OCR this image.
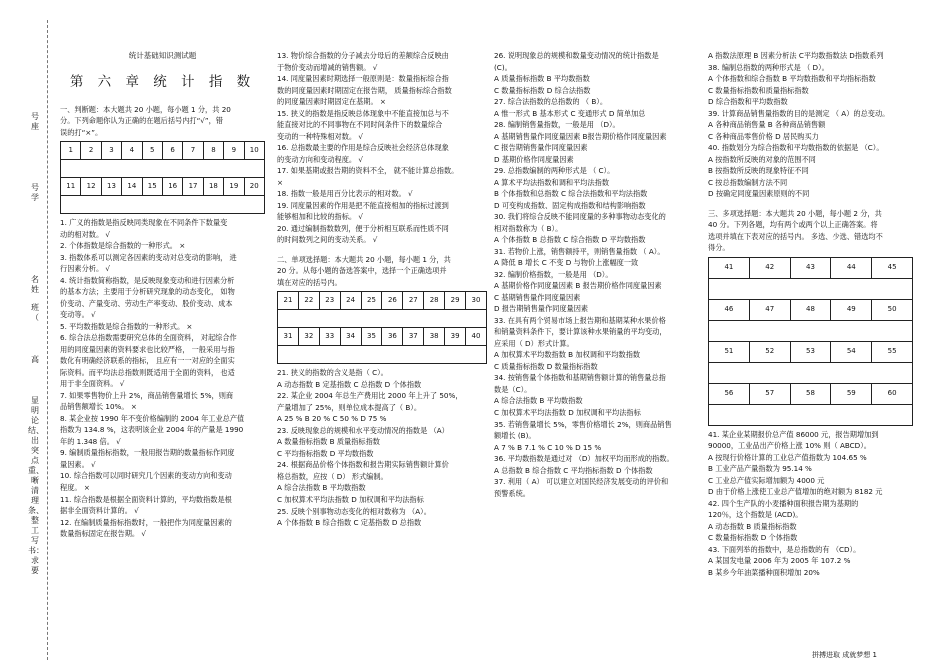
号座
号学
名姓
班（
高
显明论结、出突点重、晰清理条、整工写书：求要

统计基础知识测试题

第 六 章 统 计 指 数

一、判断题：本大题共 20 小题，每小题 1 分，共 20

分。下列命题你认为正确的在题后括号内打“√”，错

误的打“×”。

1	2	3	4	5	6	7	8	9	10

11	12	13	14	15	16	17	18	19	20

1. 广义的指数是指反映同类现象在不同条件下数量变

动的相对数。 √

2. 个体指数是综合指数的一种形式。 ×

3. 指数体系可以测定各因素的变动对总变动的影响， 进

行因素分析。 √

4. 统计指数简称指数，是反映现象变动和进行因素分析

的基本方法；主要用于分析研究现象的动态变化， 如物

价变动、产量变动、劳动生产率变动、股价变动、成本

变动等。 √

5. 平均数指数是综合指数的一种形式。 ×

6. 综合法总指数需要研究总体的全面资料， 对起综合作

用的同度量因素的资料要求也比较严格， 一般采用与指

数化有明确经济联系的指标， 且应有一一对应的全面实

际资料。而平均法总指数则既适用于全面的资料， 也适

用于非全面资料。 √

7. 如果零售物价上升 2%，商品销售量增长 5%，则商

品销售额增长 10%。 ×

8. 某企业按 1990 年不变价格编制的 2004 年工业总产值

指数为 134.8 %，这表明该企业 2004 年的产量是 1990

年的 1.348 倍。 √

9. 编制质量指标指数，一般用报告期的数量指标作同度

量因素。 √

10. 综合指数可以同时研究几个因素的变动方向和变动

程度。 ×

11. 综合指数是根据全面资料计算的，平均数指数是根

据非全面资料计算的。 √

12. 在编制质量指标指数时，一般把作为同度量因素的

数量指标固定在报告期。 √

13. 物价综合指数的分子减去分母后的差额综合反映由

于物价变动而增减的销售额。 √

14. 同度量因素时期选择一般原则是：数量指标综合指

数的同度量因素时期固定在报告期， 质量指标综合指数

的同度量因素时期固定在基期。 ×

15. 狭义的指数是指反映总体现象中不能直接加总与不

能直接对比的不同事物在不同时间条件下的数量综合

变动的一种特殊相对数。 √

16. 总指数最主要的作用是综合反映社会经济总体现象

的变动方向和变动程度。 √

17. 如果基期或报告期的资料不全， 就不能计算总指数。

×

18. 指数一般是用百分比表示的相对数。 √

19. 同度量因素的作用是把不能直接相加的指标过渡到

能够相加和比较的指标。 √

20. 通过编制指数数列，便于分析相互联系而性质不同

的时间数列之间的变动关系。 √

二、单项选择题：本大题共 20 小题，每小题 1 分，共

20 分。从每小题的备选答案中，选择一个正确选项并

填在对应的括号内。

21	22	23	24	25	26	27	28	29	30

31	32	33	34	35	36	37	38	39	40

21. 狭义的指数的含义是指（ C）。

A 动态指数 B 定基指数 C 总指数 D 个体指数

22. 某企业 2004 年总生产费用比 2000 年上升了 50%，

产量增加了 25%，则单位成本提高了（ B）。

A 25 % B 20 % C 50 % D 75 %

23. 反映现象总的规模和水平变动情况的指数是 （A）

A 数量指标指数 B 质量指标指数

C 平均指标指数 D 平均数指数

24. 根据商品价格个体指数和报告期实际销售额计算价

格总指数，应按（ D） 形式编制。

A 综合法指数 B 平均数指数

C 加权算术平均法指数 D 加权调和平均法指标

25. 反映个别事物动态变化的相对数称为 （A）。

A 个体指数 B 综合指数 C 定基指数 D 总指数

26. 说明现象总的规模和数量变动情况的统计指数是

(C)。

A 质量指标指数 B 平均数指数

C 数量指标指数 D 综合法指数

27. 综合法指数的总指数的 （ B）。

A 惟一形式 B 基本形式 C 变通形式 D 简单加总

28. 编制销售量指数，一般是用 （D）。

A 基期销售量作同度量因素 B报告期价格作同度量因素

C 报告期销售量作同度量因素

D 基期价格作同度量因素

29. 总指数编制的两种形式是 （ C）。

A 算术平均法指数和调和平均法指数

B 个体指数和总指数 C 综合法指数和平均法指数

D 可变构成指数、固定构成指数和结构影响指数

30. 我们将综合反映不能同度量的多种事物动态变化的

相对指数称为（ B）。

A 个体指数 B 总指数 C 综合指数 D 平均数指数

31. 若物价上涨，销售额持平，则销售量指数 （ A）。

A 降低 B 增长 C 不变 D 与物价上涨幅度一致

32. 编制价格指数，一般是用 （D）。

A 基期价格作同度量因素 B 报告期价格作同度量因素

C 基期销售量作同度量因素

D 报告期销售量作同度量因素

33. 在具有两个贸易市场上报告期和基期某种水果价格

和销量资料条件下，要计算该种水果销量的平均变动，

应采用（ D）形式计算。

A 加权算术平均数指数 B 加权调和平均数指数

C 质量指标指数 D 数量指标指数

34. 按销售量个体指数和基期销售额计算的销售量总指

数是（C）。

A 综合法指数 B 平均数指数

C 加权算术平均法指数 D 加权调和平均法指标

35. 若销售量增长 5%，零售价格增长 2%，则商品销售

额增长 (B)。

A 7 % B 7.1 % C 10 % D 15 %

36. 平均数指数是通过对 （D）加权平均而形成的指数。

A 总指数 B 综合指数 C 平均指标指数 D 个体指数

37. 利用（ A） 可以建立对国民经济发展变动的评价和

预警系统。

A 指数法原理 B 因素分析法 C平均数指数法 D指数系列

38. 编制总指数的两种形式是 （ D）。

A 个体指数和综合指数 B 平均数指数和平均指标指数

C 数量指标指数和质量指标指数

D 综合指数和平均数指数

39. 计算商品销售量指数的目的是测定 （ A）的总变动。

A 各种商品销售量 B 各种商品销售额

C 各种商品零售价格 D 居民购买力

40. 指数划分为综合指数和平均数指数的依据是 （C）。

A 按指数所反映的对象的范围不同

B 按指数所反映的现象特征不同

C 按总指数编制方法不同

D 按确定同度量因素原则的不同

三、多项选择题：本大题共 20 小题，每小题 2 分，共

40 分。下列各题，均有两个或两个以上正确答案。将

选项并填在下表对应的括号内。 多选、少选、错选均不

得分。

41	42	43	44	45

46	47	48	49	50

51	52	53	54	55

56	57	58	59	60

41. 某企业某期报价总产值 86000 元，报告期增加到

90000，工业品出产价格上涨 10% 则（ ABCD）。

A 按现行价格计算的工业总产值指数为 104.65 %

B 工业产品产量指数为 95.14 %

C 工业总产值实际增加额为 4000 元

D 由于价格上涨使工业总产值增加的绝对额为 8182 元

42. 四个生产队的小麦播种面积报告期为基期的

120％，这个指数是 (ACD)。

A 动态指数 B 质量指标指数

C 数量指标指数 D 个体指数

43. 下面列举的指数中，是总指数的有 （CD）。

A 某国发电量 2006 年为 2005 年 107.2 %

B 某乡今年油菜播种面积增加 20%

拼搏进取 成就梦想 1
